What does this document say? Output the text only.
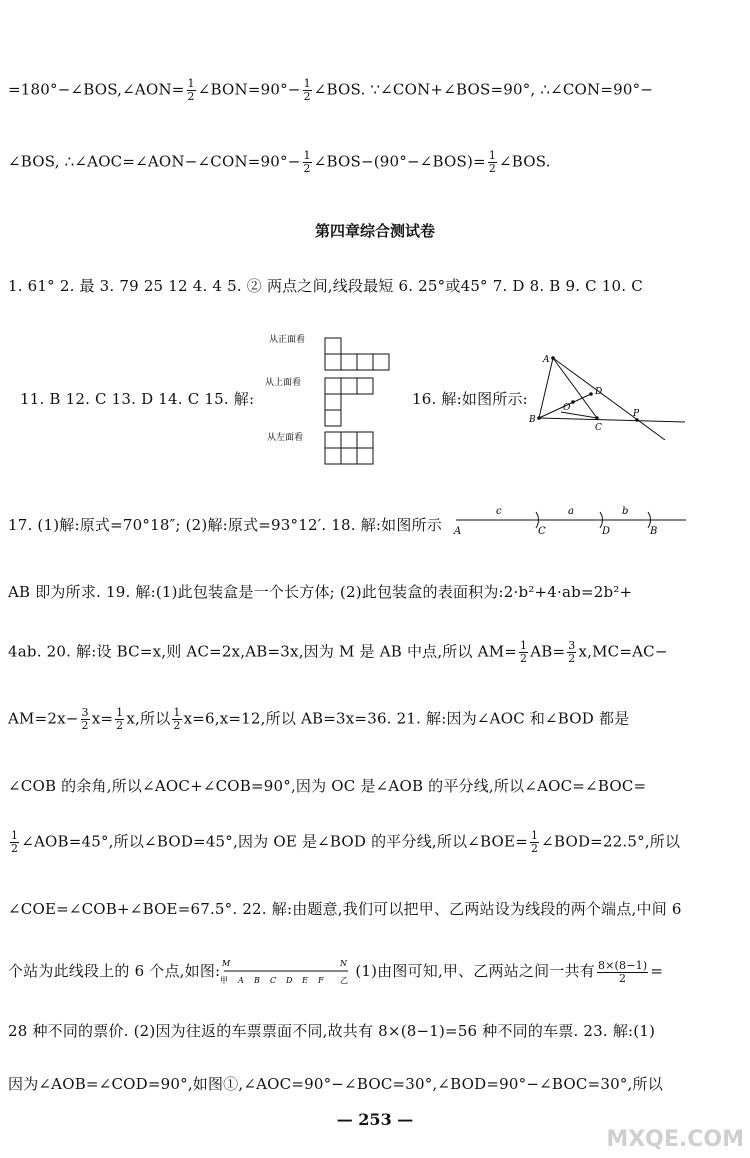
=180°−∠BOS,∠AON= $\frac{1}{2}$ ∠BON=90°− $\frac{1}{2}$ ∠BOS. ∵∠CON+∠BOS=90°, ∴∠CON=90°−
∠BOS, ∴∠AOC=∠AON−∠CON=90°− $\frac{1}{2}$ ∠BOS−(90°−∠BOS)= $\frac{1}{2}$ ∠BOS.
第四章综合测试卷
1. 61° 2. 最 3. 79 25 12 4. 4 5. ② 两点之间,线段最短 6. 25°或45° 7. D 8. B 9. C 10. C
11. B 12. C 13. D 14. C 15. 解:	16. 解:如图所示:
从正面看
从上面看
从左面看
A
B
C
D
O
P
17. (1)解:原式=70°18″; (2)解:原式=93°12′. 18. 解:如图所示
c	a	b
A	C	D	B
AB 即为所求. 19. 解:(1)此包装盒是一个长方体; (2)此包装盒的表面积为:2·b²+4·ab=2b²+
4ab. 20. 解:设 BC=x,则 AC=2x,AB=3x,因为 M 是 AB 中点,所以 $AM= \frac{1}{2} AB= \frac{3}{2} x,MC=AC-$
$AM=2x- \frac{3}{2} x= \frac{1}{2} x$,所以 $\frac{1}{2} x=6,x=12$,所以 AB=3x=36. 21. 解:因为∠AOC 和∠BOD 都是
∠COB 的余角,所以∠AOC+∠COB=90°,因为 OC 是∠AOB 的平分线,所以∠AOC=∠BOC=
$\frac{1}{2}$ ∠AOB=45°,所以∠BOD=45°,因为 OE 是∠BOD 的平分线,所以∠BOE= $\frac{1}{2}$ ∠BOD=22.5°,所以
∠COE=∠COB+∠BOE=67.5°. 22. 解:由题意,我们可以把甲、乙两站设为线段的两个端点,中间 6
个站为此线段上的 6 个点,如图: M	N
甲 A B C D E F 乙
(1)由图可知,甲、乙两站之间一共有 $\frac{8\times(8-1)}{2}$ =
28 种不同的票价. (2)因为往返的车票票面不同,故共有 8×(8−1)=56 种不同的车票. 23. 解:(1)
因为∠AOB=∠COD=90°,如图①,∠AOC=90°−∠BOC=30°,∠BOD=90°−∠BOC=30°,所以
— 253 —
MXQE.COM
